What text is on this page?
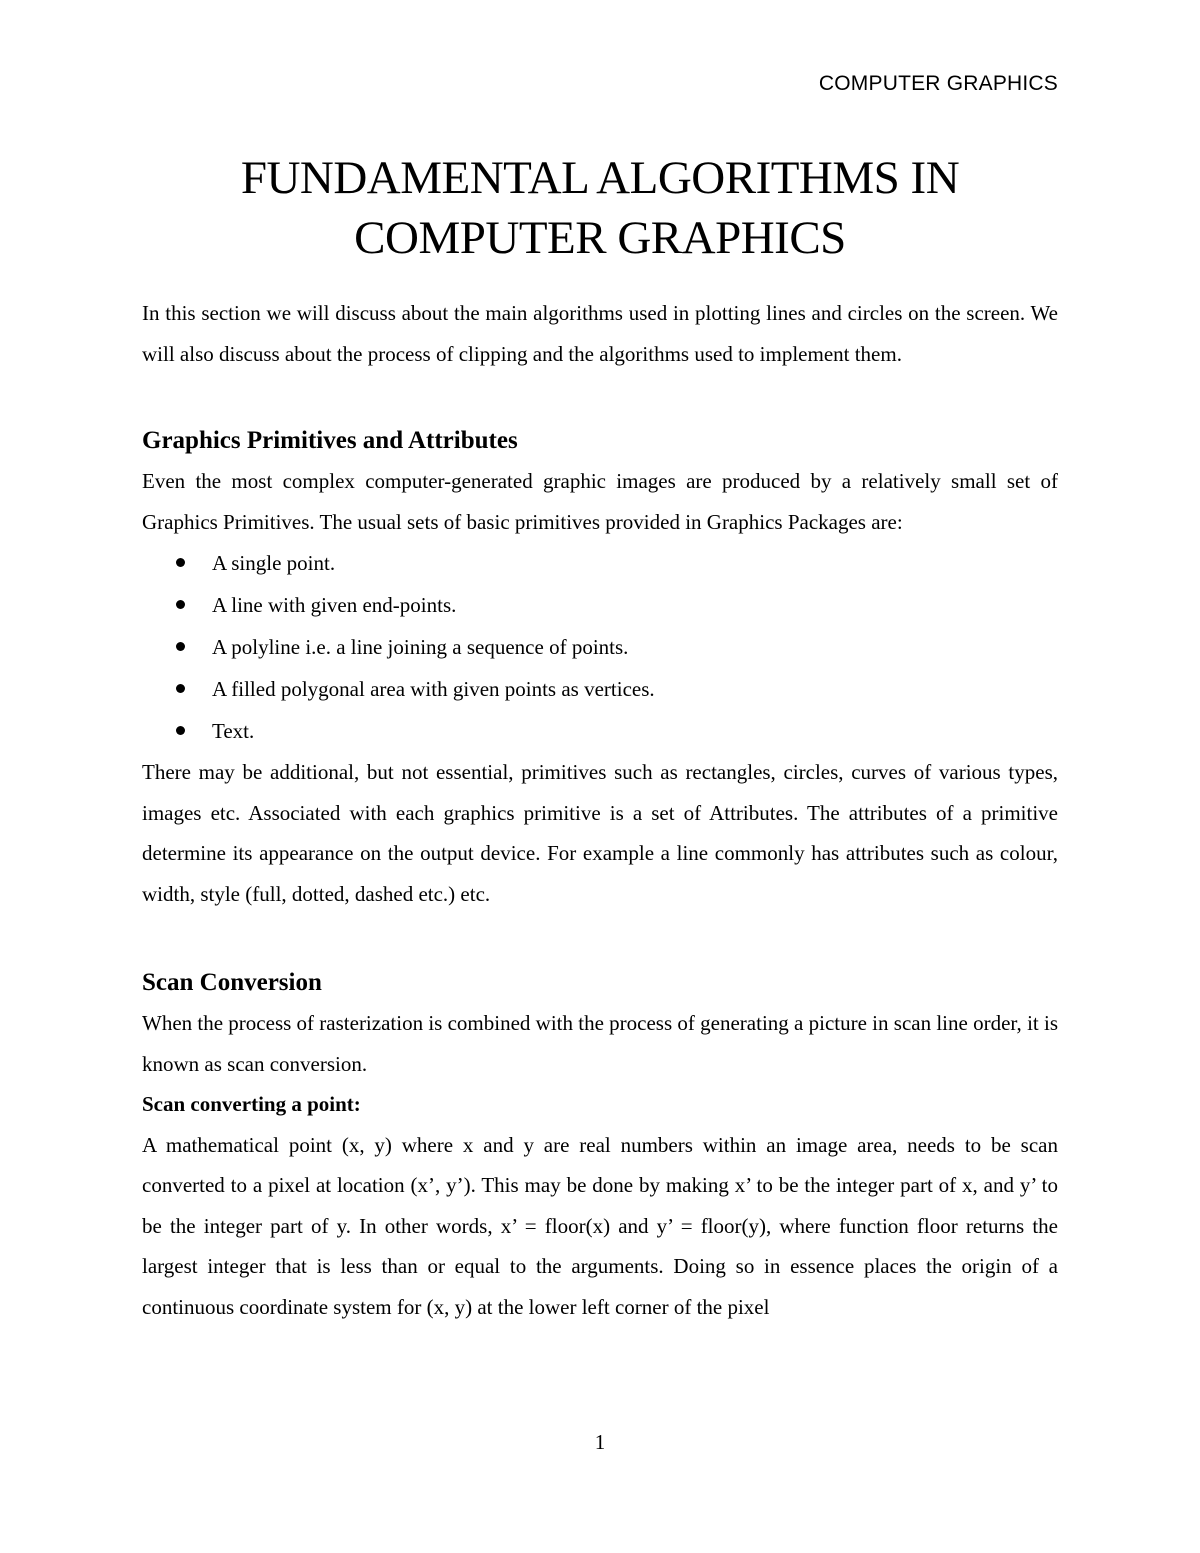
COMPUTER GRAPHICS
FUNDAMENTAL ALGORITHMS IN
COMPUTER GRAPHICS

In this section we will discuss about the main algorithms used in plotting lines and circles on the screen. We will also discuss about the process of clipping and the algorithms used to implement them.

Graphics Primitives and Attributes

Even the most complex computer-generated graphic images are produced by a relatively small set of Graphics Primitives. The usual sets of basic primitives provided in Graphics Packages are:

A single point.
A line with given end-points.
A polyline i.e. a line joining a sequence of points.
A filled polygonal area with given points as vertices.
Text.

There may be additional, but not essential, primitives such as rectangles, circles, curves of various types, images etc. Associated with each graphics primitive is a set of Attributes. The attributes of a primitive determine its appearance on the output device. For example a line commonly has attributes such as colour, width, style (full, dotted, dashed etc.) etc.

Scan Conversion

When the process of rasterization is combined with the process of generating a picture in scan line order, it is known as scan conversion.

Scan converting a point:

A mathematical point (x, y) where x and y are real numbers within an image area, needs to be scan converted to a pixel at location (x’, y’). This may be done by making x’ to be the integer part of x, and y’ to be the integer part of y. In other words, x’ = floor(x) and y’ = floor(y), where function floor returns the largest integer that is less than or equal to the arguments. Doing so in essence places the origin of a continuous coordinate system for (x, y) at the lower left corner of the pixel

1
